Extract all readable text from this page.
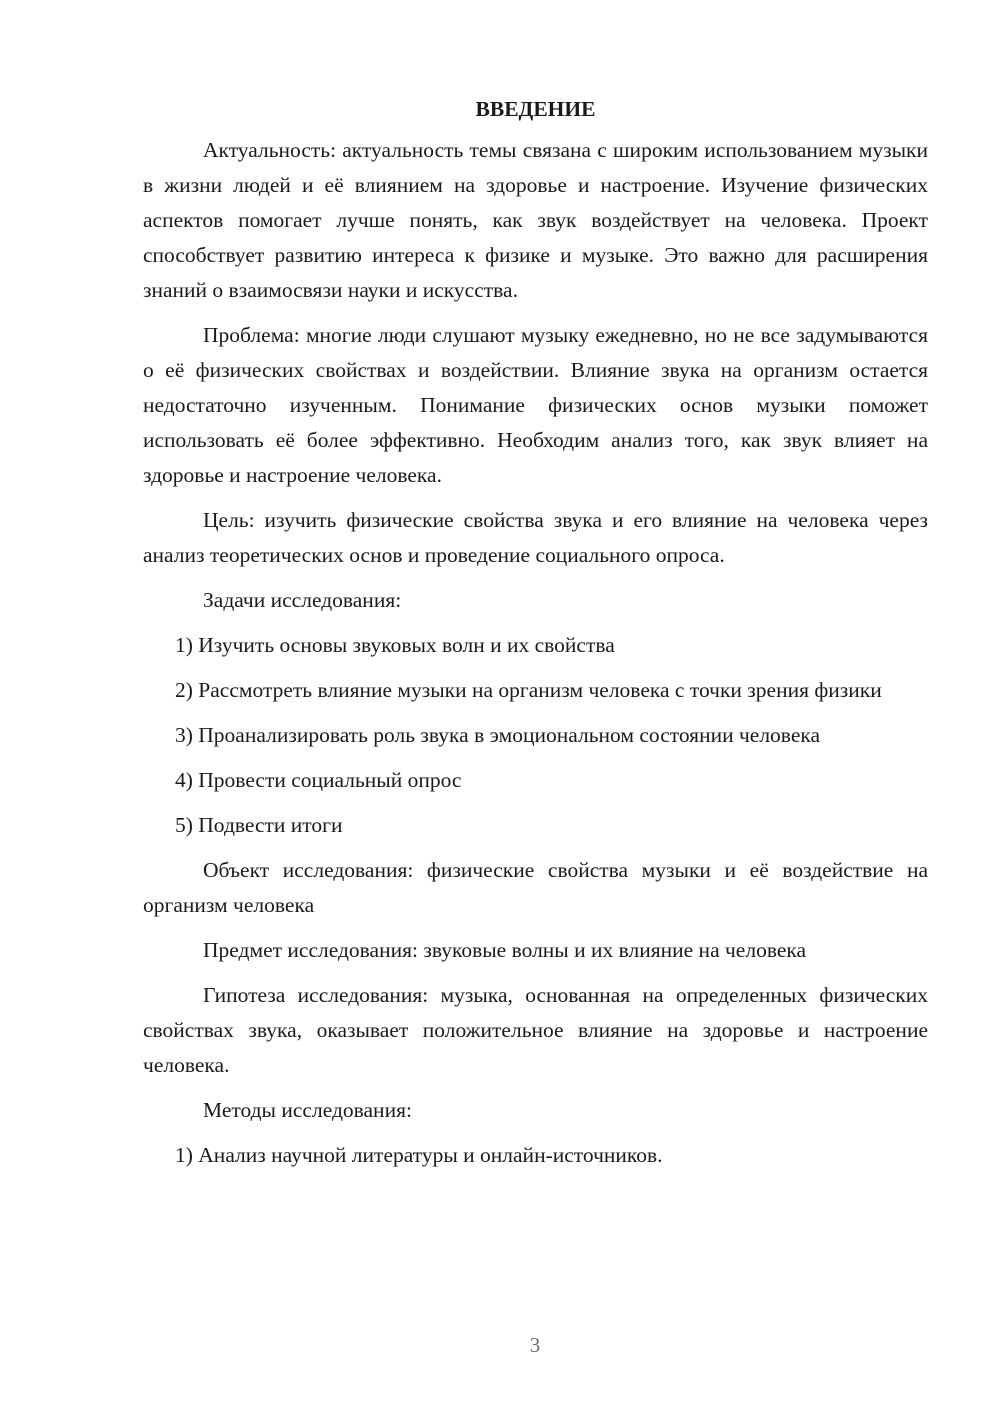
ВВЕДЕНИЕ

Актуальность: актуальность темы связана с широким использованием музыки в жизни людей и её влиянием на здоровье и настроение. Изучение физических аспектов помогает лучше понять, как звук воздействует на человека. Проект способствует развитию интереса к физике и музыке. Это важно для расширения знаний о взаимосвязи науки и искусства.

Проблема: многие люди слушают музыку ежедневно, но не все задумываются о её физических свойствах и воздействии. Влияние звука на организм остается недостаточно изученным. Понимание физических основ музыки поможет использовать её более эффективно. Необходим анализ того, как звук влияет на здоровье и настроение человека.

Цель: изучить физические свойства звука и его влияние на человека через анализ теоретических основ и проведение социального опроса.

Задачи исследования:

1) Изучить основы звуковых волн и их свойства

2) Рассмотреть влияние музыки на организм человека с точки зрения физики

3) Проанализировать роль звука в эмоциональном состоянии человека

4) Провести социальный опрос

5) Подвести итоги

Объект исследования: физические свойства музыки и её воздействие на организм человека

Предмет исследования: звуковые волны и их влияние на человека

Гипотеза исследования: музыка, основанная на определенных физических свойствах звука, оказывает положительное влияние на здоровье и настроение человека.

Методы исследования:

1) Анализ научной литературы и онлайн-источников.

3
